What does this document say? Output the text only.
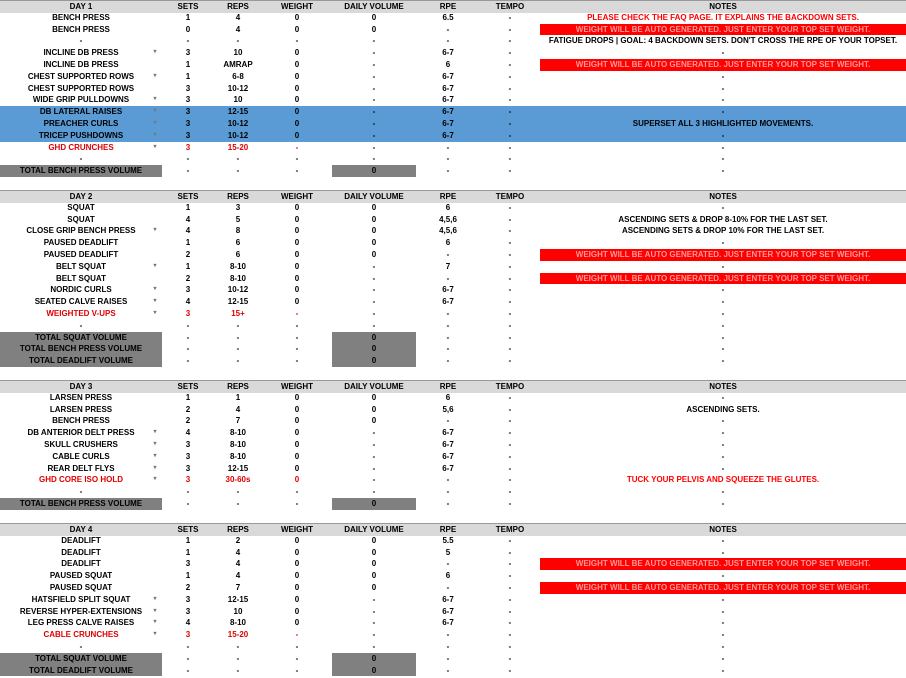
DAY 1	SETS	REPS	WEIGHT	DAILY VOLUME	RPE	TEMPO	NOTES
BENCH PRESS	1	4	0	0	6.5	-	PLEASE CHECK THE FAQ PAGE. IT EXPLAINS THE BACKDOWN SETS.
BENCH PRESS	0	4	0	0	-	-	WEIGHT WILL BE AUTO GENERATED. JUST ENTER YOUR TOP SET WEIGHT.
-	-	-	-	-	-	-	FATIGUE DROPS | GOAL: 4 BACKDOWN SETS. DON'T CROSS THE RPE OF YOUR TOPSET.
INCLINE DB PRESS	3	10	0	-	6-7	-	-
▾
INCLINE DB PRESS	1	AMRAP	0	-	6	-	WEIGHT WILL BE AUTO GENERATED. JUST ENTER YOUR TOP SET WEIGHT.
CHEST SUPPORTED ROWS	1	6-8	0	-	6-7	-	-
▾
CHEST SUPPORTED ROWS	3	10-12	0	-	6-7	-	-
WIDE GRIP PULLDOWNS	3	10	0	-	6-7	-	-
▾
DB LATERAL RAISES	3	12-15	0	-	6-7	-	-
▾
PREACHER CURLS	3	10-12	0	-	6-7	-	SUPERSET ALL 3 HIGHLIGHTED MOVEMENTS.
▾
TRICEP PUSHDOWNS	3	10-12	0	-	6-7	-	-
▾
GHD CRUNCHES	3	15-20	-	-	-	-	-
▾
-	-	-	-	-	-	-	-
TOTAL BENCH PRESS VOLUME	-	-	-	0	-	-	-
DAY 2	SETS	REPS	WEIGHT	DAILY VOLUME	RPE	TEMPO	NOTES
SQUAT	1	3	0	0	6	-	-
SQUAT	4	5	0	0	4,5,6	-	ASCENDING SETS & DROP 8-10% FOR THE LAST SET.
CLOSE GRIP BENCH PRESS	4	8	0	0	4,5,6	-	ASCENDING SETS & DROP 10% FOR THE LAST SET.
▾
PAUSED DEADLIFT	1	6	0	0	6	-	-
PAUSED DEADLIFT	2	6	0	0	-	-	WEIGHT WILL BE AUTO GENERATED. JUST ENTER YOUR TOP SET WEIGHT.
BELT SQUAT	1	8-10	0	-	7	-	-
▾
BELT SQUAT	2	8-10	0	-	-	-	WEIGHT WILL BE AUTO GENERATED. JUST ENTER YOUR TOP SET WEIGHT.
NORDIC CURLS	3	10-12	0	-	6-7	-	-
▾
SEATED CALVE RAISES	4	12-15	0	-	6-7	-	-
▾
WEIGHTED V-UPS	3	15+	-	-	-	-	-
▾
-	-	-	-	-	-	-	-
TOTAL SQUAT VOLUME	-	-	-	0	-	-	-
TOTAL BENCH PRESS VOLUME	-	-	-	0	-	-	-
TOTAL DEADLIFT VOLUME	-	-	-	0	-	-	-
DAY 3	SETS	REPS	WEIGHT	DAILY VOLUME	RPE	TEMPO	NOTES
LARSEN PRESS	1	1	0	0	6	-	-
LARSEN PRESS	2	4	0	0	5,6	-	ASCENDING SETS.
BENCH PRESS	2	7	0	0	-	-	-
DB ANTERIOR DELT PRESS	4	8-10	0	-	6-7	-	-
▾
SKULL CRUSHERS	3	8-10	0	-	6-7	-	-
▾
CABLE CURLS	3	8-10	0	-	6-7	-	-
▾
REAR DELT FLYS	3	12-15	0	-	6-7	-	-
▾
GHD CORE ISO HOLD	3	30-60s	0	-	-	-	TUCK YOUR PELVIS AND SQUEEZE THE GLUTES.
▾
-	-	-	-	-	-	-	-
TOTAL BENCH PRESS VOLUME	-	-	-	0	-	-	-
DAY 4	SETS	REPS	WEIGHT	DAILY VOLUME	RPE	TEMPO	NOTES
DEADLIFT	1	2	0	0	5.5	-	-
DEADLIFT	1	4	0	0	5	-	-
DEADLIFT	3	4	0	0	-	-	WEIGHT WILL BE AUTO GENERATED. JUST ENTER YOUR TOP SET WEIGHT.
PAUSED SQUAT	1	4	0	0	6	-	-
PAUSED SQUAT	2	7	0	0	-	-	WEIGHT WILL BE AUTO GENERATED. JUST ENTER YOUR TOP SET WEIGHT.
HATSFIELD SPLIT SQUAT	3	12-15	0	-	6-7	-	-
▾
REVERSE HYPER-EXTENSIONS	3	10	0	-	6-7	-	-
▾
LEG PRESS CALVE RAISES	4	8-10	0	-	6-7	-	-
▾
CABLE CRUNCHES	3	15-20	-	-	-	-	-
▾
-	-	-	-	-	-	-	-
TOTAL SQUAT VOLUME	-	-	-	0	-	-	-
TOTAL DEADLIFT VOLUME	-	-	-	0	-	-	-
